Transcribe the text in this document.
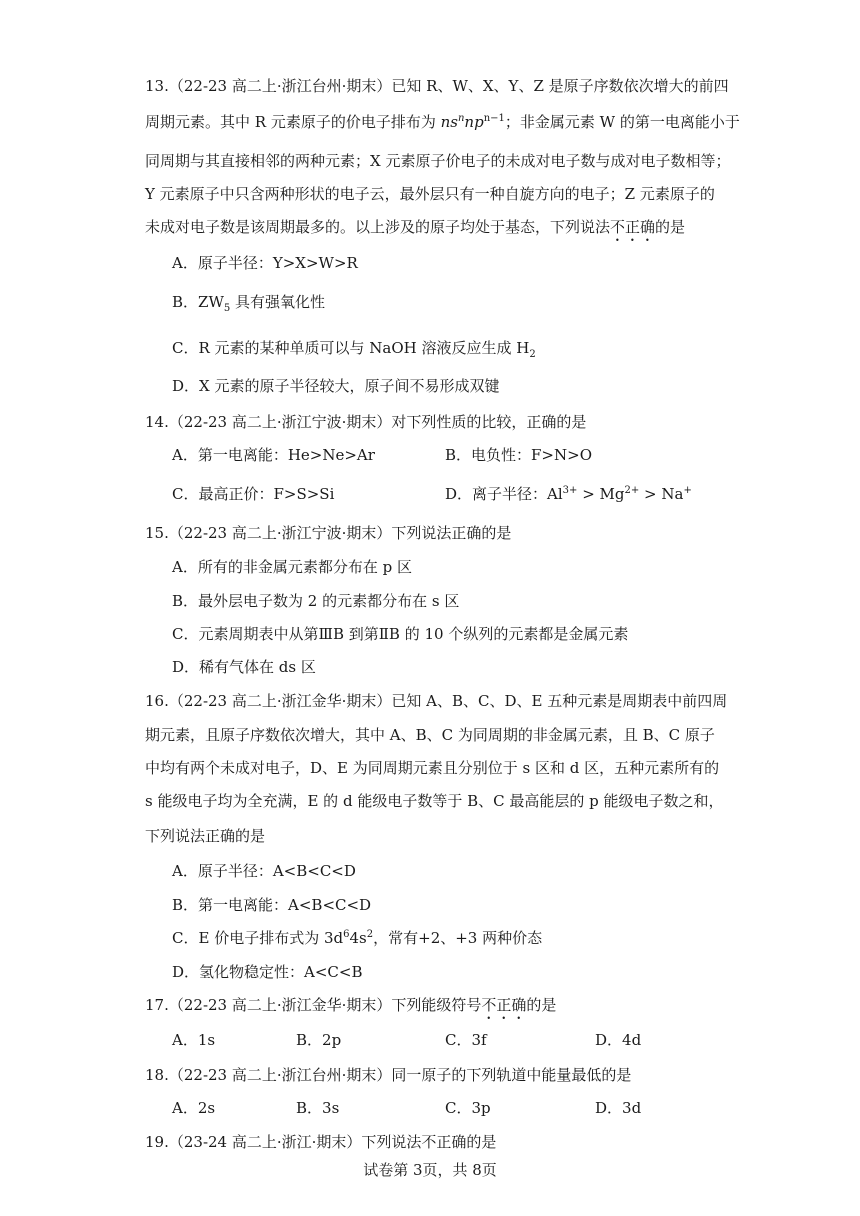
13.（22-23 高二上·浙江台州·期末）已知 R、W、X、Y、Z 是原子序数依次增大的前四
周期元素。其中 R 元素原子的价电子排布为 $ns^nnp^{n-1}$；非金属元素 W 的第一电离能小于
同周期与其直接相邻的两种元素；X 元素原子价电子的未成对电子数与成对电子数相等；
Y 元素原子中只含两种形状的电子云，最外层只有一种自旋方向的电子；Z 元素原子的
未成对电子数是该周期最多的。以上涉及的原子均处于基态，下列说法不正确的是
A．原子半径：Y>X>W>R
B．$ZW_5$ 具有强氧化性
C．R 元素的某种单质可以与 NaOH 溶液反应生成 $H_2$
D．X 元素的原子半径较大，原子间不易形成双键
14.（22-23 高二上·浙江宁波·期末）对下列性质的比较，正确的是
A．第一电离能：He>Ne>Ar	B．电负性：F>N>O
C．最高正价：F>S>Si	D．离子半径：$Al^{3+} > Mg^{2+} > Na^+$
15.（22-23 高二上·浙江宁波·期末）下列说法正确的是
A．所有的非金属元素都分布在 p 区
B．最外层电子数为 2 的元素都分布在 s 区
C．元素周期表中从第ⅢB 到第ⅡB 的 10 个纵列的元素都是金属元素
D．稀有气体在 ds 区
16.（22-23 高二上·浙江金华·期末）已知 A、B、C、D、E 五种元素是周期表中前四周
期元素，且原子序数依次增大，其中 A、B、C 为同周期的非金属元素，且 B、C 原子
中均有两个未成对电子，D、E 为同周期元素且分别位于 s 区和 d 区，五种元素所有的
s 能级电子均为全充满，E 的 d 能级电子数等于 B、C 最高能层的 p 能级电子数之和，
下列说法正确的是
A．原子半径：A<B<C<D
B．第一电离能：A<B<C<D
C．E 价电子排布式为 $3d^64s^2$，常有+2、+3 两种价态
D．氢化物稳定性：A<C<B
17.（22-23 高二上·浙江金华·期末）下列能级符号不正确的是
A．1s	B．2p	C．3f	D．4d
18.（22-23 高二上·浙江台州·期末）同一原子的下列轨道中能量最低的是
A．2s	B．3s	C．3p	D．3d
19.（23-24 高二上·浙江·期末）下列说法不正确的是
试卷第 3页，共 8页
